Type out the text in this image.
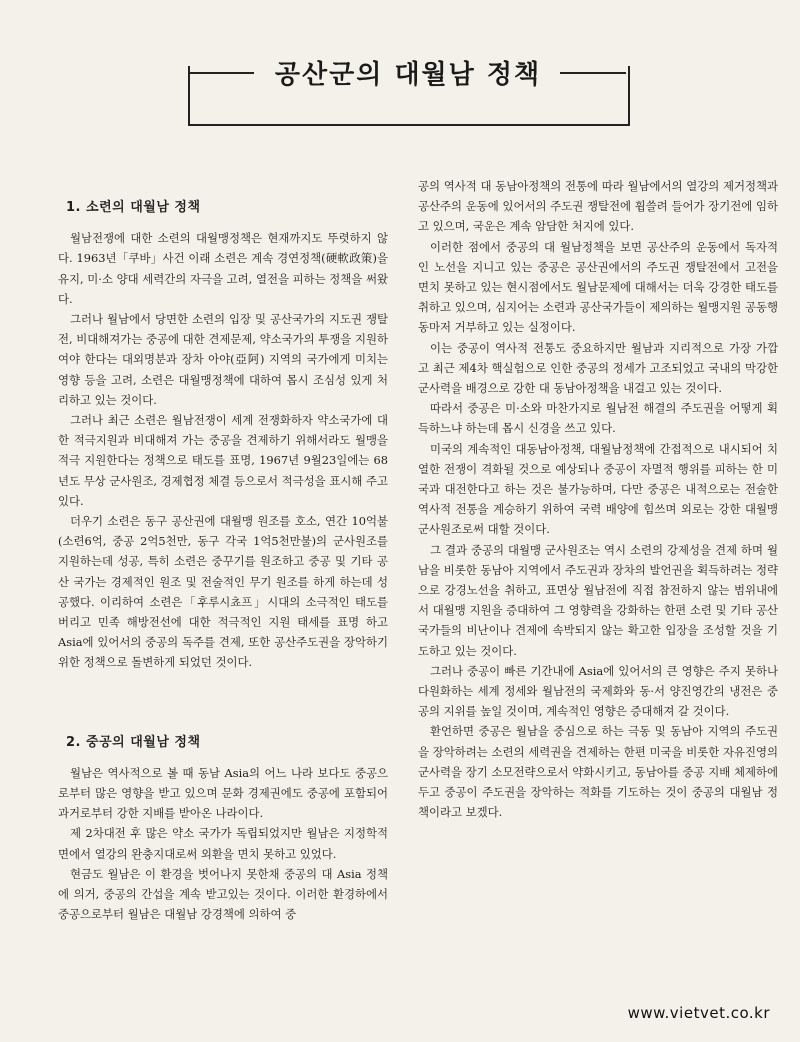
공산군의 대월남 정책
1. 소련의 대월남 정책

월남전쟁에 대한 소련의 대월맹정책은 현재까지도 뚜렷하지 않다. 1963년「쿠바」사건 이래 소련은 계속 경연정책(硬軟政策)을 유지, 미·소 양대 세력간의 자극을 고려, 열전을 피하는 정책을 써왔다.

그러나 월남에서 당면한 소련의 입장 및 공산국가의 지도권 쟁탈전, 비대해져가는 중공에 대한 견제문제, 약소국가의 투쟁을 지원하여야 한다는 대외명분과 장차 아야(亞阿) 지역의 국가에게 미치는 영향 등을 고려, 소련은 대월맹정책에 대하여 몹시 조심성 있게 처리하고 있는 것이다.

그러나 최근 소련은 월남전쟁이 세계 전쟁화하자 약소국가에 대한 적극지원과 비대해져 가는 중공을 견제하기 위해서라도 월맹을 적극 지원한다는 정책으로 태도를 표명, 1967년 9월23일에는 68년도 무상 군사원조, 경제협정 체결 등으로서 적극성을 표시해 주고 있다.

더우기 소련은 동구 공산권에 대월맹 원조를 호소, 연간 10억불(소련6억, 중공 2억5천만, 동구 각국 1억5천만불)의 군사원조를 지원하는데 성공, 특히 소련은 중꾸기를 원조하고 중공 및 기타 공산 국가는 경제적인 원조 및 전술적인 무기 원조를 하게 하는데 성공했다. 이리하여 소련은「후루시쵸프」시대의 소극적인 태도를 버리고 민족 해방전선에 대한 적극적인 지원 태세를 표명 하고 Asia에 있어서의 중공의 독주를 견제, 또한 공산주도권을 장악하기 위한 정책으로 돌변하게 되었던 것이다.

2. 중공의 대월남 정책

월남은 역사적으로 볼 때 동남 Asia의 어느 나라 보다도 중공으로부터 많은 영향을 받고 있으며 문화 경제권에도 중공에 포함되어 과거로부터 강한 지배를 받아온 나라이다.

제 2차대전 후 많은 약소 국가가 독립되었지만 월남은 지정학적 면에서 열강의 완충지대로써 외환을 면치 못하고 있었다.

현금도 월남은 이 환경을 벗어나지 못한채 중공의 대 Asia 정책에 의거, 중공의 간섭을 계속 받고있는 것이다. 이러한 환경하에서 중공으로부터 월남은 대월남 강경책에 의하여 중

공의 역사적 대 동남아정책의 전통에 따라 월남에서의 열강의 제거정책과 공산주의 운동에 있어서의 주도권 쟁탈전에 휩쓸려 들어가 장기전에 임하고 있으며, 국운은 계속 암담한 처지에 있다.

이러한 점에서 중공의 대 월남정책을 보면 공산주의 운동에서 독자적인 노선을 지니고 있는 중공은 공산권에서의 주도권 쟁탈전에서 고전을 면치 못하고 있는 현시점에서도 월남문제에 대해서는 더욱 강경한 태도를 취하고 있으며, 심지어는 소련과 공산국가들이 제의하는 월맹지원 공동행동마저 거부하고 있는 실정이다.

이는 중공이 역사적 전통도 중요하지만 월남과 지리적으로 가장 가깝고 최근 제4차 핵실험으로 인한 중공의 정세가 고조되었고 국내의 막강한 군사력을 배경으로 강한 대 동남아정책을 내걸고 있는 것이다.

따라서 중공은 미·소와 마찬가지로 월남전 해결의 주도권을 어떻게 획득하느냐 하는데 몹시 신경을 쓰고 있다.

미국의 계속적인 대동남아정책, 대월남정책에 간접적으로 내시되어 치열한 전쟁이 격화될 것으로 예상되나 중공이 자멸적 행위를 피하는 한 미국과 대전한다고 하는 것은 불가능하며, 다만 중공은 내적으로는 전술한 역사적 전통을 계승하기 위하여 국력 배양에 힘쓰며 외로는 강한 대월맹 군사원조로써 대할 것이다.

그 결과 중공의 대월맹 군사원조는 역시 소련의 강제성을 견제 하며 월남을 비롯한 동남아 지역에서 주도권과 장차의 발언권을 획득하려는 정략으로 강경노선을 취하고, 표면상 월남전에 직접 참전하지 않는 범위내에서 대월맹 지원을 증대하여 그 영향력을 강화하는 한편 소련 및 기타 공산국가들의 비난이나 견제에 속박되지 않는 확고한 입장을 조성할 것을 기도하고 있는 것이다.

그러나 중공이 빠른 기간내에 Asia에 있어서의 큰 영향은 주지 못하나 다원화하는 세계 정세와 월남전의 국제화와 동·서 양진영간의 냉전은 중공의 지위를 높일 것이며, 계속적인 영향은 증대해져 갈 것이다.

환언하면 중공은 월남을 중심으로 하는 극동 및 동남아 지역의 주도권을 장악하려는 소련의 세력권을 견제하는 한편 미국을 비롯한 자유진영의 군사력을 장기 소모전략으로서 약화시키고, 동남아를 중공 지배 체제하에 두고 중공이 주도권을 장악하는 적화를 기도하는 것이 중공의 대월남 정책이라고 보겠다.

www.vietvet.co.kr
